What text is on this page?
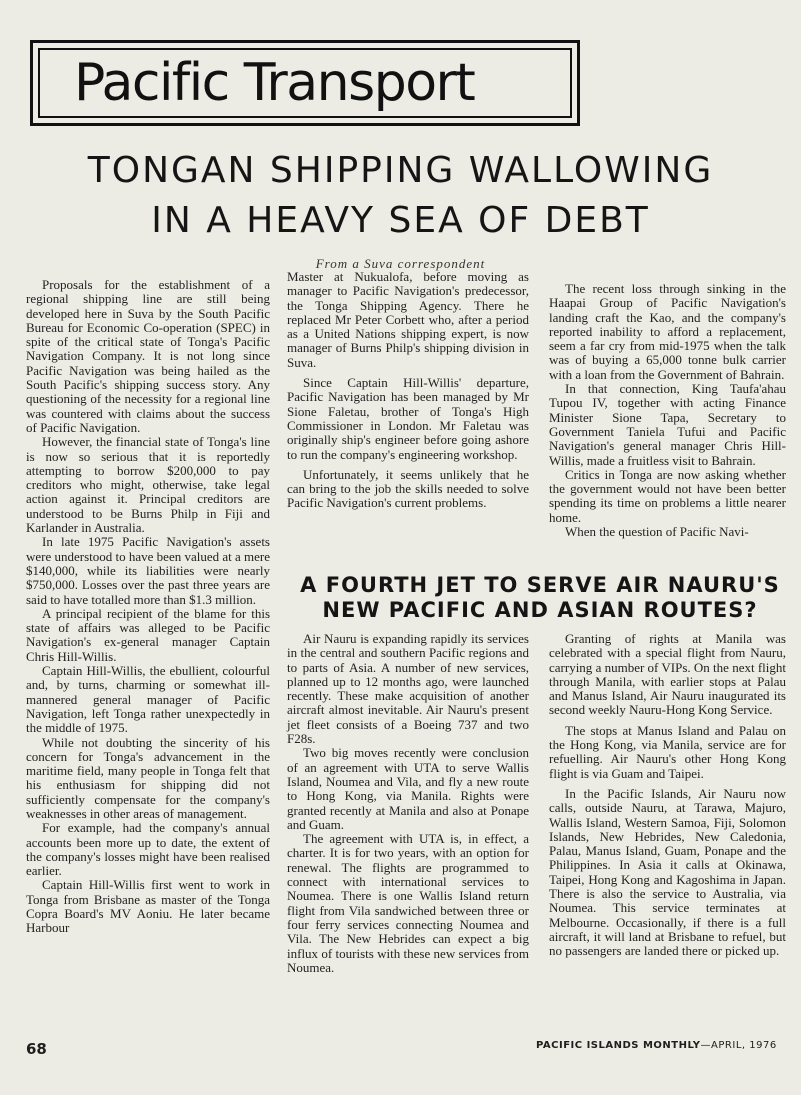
Pacific Transport
TONGAN SHIPPING WALLOWING
IN A HEAVY SEA OF DEBT
From a Suva correspondent

Proposals for the establishment of a regional shipping line are still being developed here in Suva by the South Pacific Bureau for Economic Co-operation (SPEC) in spite of the critical state of Tonga's Pacific Navigation Company. It is not long since Pacific Navigation was being hailed as the South Pacific's shipping success story. Any questioning of the necessity for a regional line was countered with claims about the success of Pacific Navigation.

However, the financial state of Tonga's line is now so serious that it is reportedly attempting to borrow $200,000 to pay creditors who might, otherwise, take legal action against it. Principal creditors are understood to be Burns Philp in Fiji and Karlander in Australia.

In late 1975 Pacific Navigation's assets were understood to have been valued at a mere $140,000, while its liabilities were nearly $750,000. Losses over the past three years are said to have totalled more than $1.3 million.

A principal recipient of the blame for this state of affairs was alleged to be Pacific Navigation's ex-general manager Captain Chris Hill-Willis.

Captain Hill-Willis, the ebullient, colourful and, by turns, charming or somewhat ill-mannered general manager of Pacific Navigation, left Tonga rather unexpectedly in the middle of 1975.

While not doubting the sincerity of his concern for Tonga's advancement in the maritime field, many people in Tonga felt that his enthusiasm for shipping did not sufficiently compensate for the company's weaknesses in other areas of management.

For example, had the company's annual accounts been more up to date, the extent of the company's losses might have been realised earlier.

Captain Hill-Willis first went to work in Tonga from Brisbane as master of the Tonga Copra Board's MV Aoniu. He later became Harbour

Master at Nukualofa, before moving as manager to Pacific Navigation's predecessor, the Tonga Shipping Agency. There he replaced Mr Peter Corbett who, after a period as a United Nations shipping expert, is now manager of Burns Philp's shipping division in Suva.

Since Captain Hill-Willis' departure, Pacific Navigation has been managed by Mr Sione Faletau, brother of Tonga's High Commissioner in London. Mr Faletau was originally ship's engineer before going ashore to run the company's engineering workshop.

Unfortunately, it seems unlikely that he can bring to the job the skills needed to solve Pacific Navigation's current problems.

The recent loss through sinking in the Haapai Group of Pacific Navigation's landing craft the Kao, and the company's reported inability to afford a replacement, seem a far cry from mid-1975 when the talk was of buying a 65,000 tonne bulk carrier with a loan from the Government of Bahrain.

In that connection, King Taufa'ahau Tupou IV, together with acting Finance Minister Sione Tapa, Secretary to Government Taniela Tufui and Pacific Navigation's general manager Chris Hill-Willis, made a fruitless visit to Bahrain.

Critics in Tonga are now asking whether the government would not have been better spending its time on problems a little nearer home.

When the question of Pacific Navi-

A FOURTH JET TO SERVE AIR NAURU'S
NEW PACIFIC AND ASIAN ROUTES?

Air Nauru is expanding rapidly its services in the central and southern Pacific regions and to parts of Asia. A number of new services, planned up to 12 months ago, were launched recently. These make acquisition of another aircraft almost inevitable. Air Nauru's present jet fleet consists of a Boeing 737 and two F28s.

Two big moves recently were conclusion of an agreement with UTA to serve Wallis Island, Noumea and Vila, and fly a new route to Hong Kong, via Manila. Rights were granted recently at Manila and also at Ponape and Guam.

The agreement with UTA is, in effect, a charter. It is for two years, with an option for renewal. The flights are programmed to connect with international services to Noumea. There is one Wallis Island return flight from Vila sandwiched between three or four ferry services connecting Noumea and Vila. The New Hebrides can expect a big influx of tourists with these new services from Noumea.

Granting of rights at Manila was celebrated with a special flight from Nauru, carrying a number of VIPs. On the next flight through Manila, with earlier stops at Palau and Manus Island, Air Nauru inaugurated its second weekly Nauru-Hong Kong Service.

The stops at Manus Island and Palau on the Hong Kong, via Manila, service are for refuelling. Air Nauru's other Hong Kong flight is via Guam and Taipei.

In the Pacific Islands, Air Nauru now calls, outside Nauru, at Tarawa, Majuro, Wallis Island, Western Samoa, Fiji, Solomon Islands, New Hebrides, New Caledonia, Palau, Manus Island, Guam, Ponape and the Philippines. In Asia it calls at Okinawa, Taipei, Hong Kong and Kagoshima in Japan. There is also the service to Australia, via Noumea. This service terminates at Melbourne. Occasionally, if there is a full aircraft, it will land at Brisbane to refuel, but no passengers are landed there or picked up.

68	PACIFIC ISLANDS MONTHLY—APRIL, 1976
